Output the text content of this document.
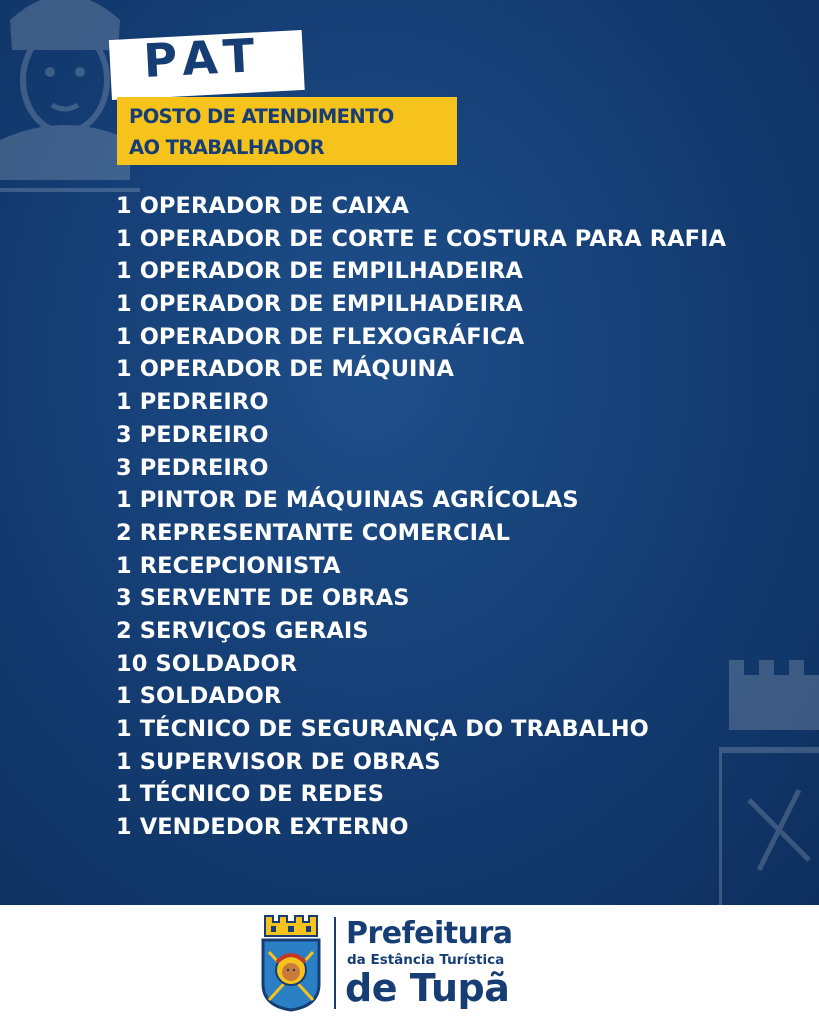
PAT
POSTO DE ATENDIMENTO
AO TRABALHADOR
1 OPERADOR DE CAIXA
1 OPERADOR DE CORTE E COSTURA PARA RAFIA
1 OPERADOR DE EMPILHADEIRA
1 OPERADOR DE EMPILHADEIRA
1 OPERADOR DE FLEXOGRÁFICA
1 OPERADOR DE MÁQUINA
1 PEDREIRO
3 PEDREIRO
3 PEDREIRO
1 PINTOR DE MÁQUINAS AGRÍCOLAS
2 REPRESENTANTE COMERCIAL
1 RECEPCIONISTA
3 SERVENTE DE OBRAS
2 SERVIÇOS GERAIS
10 SOLDADOR
1 SOLDADOR
1 TÉCNICO DE SEGURANÇA DO TRABALHO
1 SUPERVISOR DE OBRAS
1 TÉCNICO DE REDES
1 VENDEDOR EXTERNO
Prefeitura
da Estância Turística
de Tupã
